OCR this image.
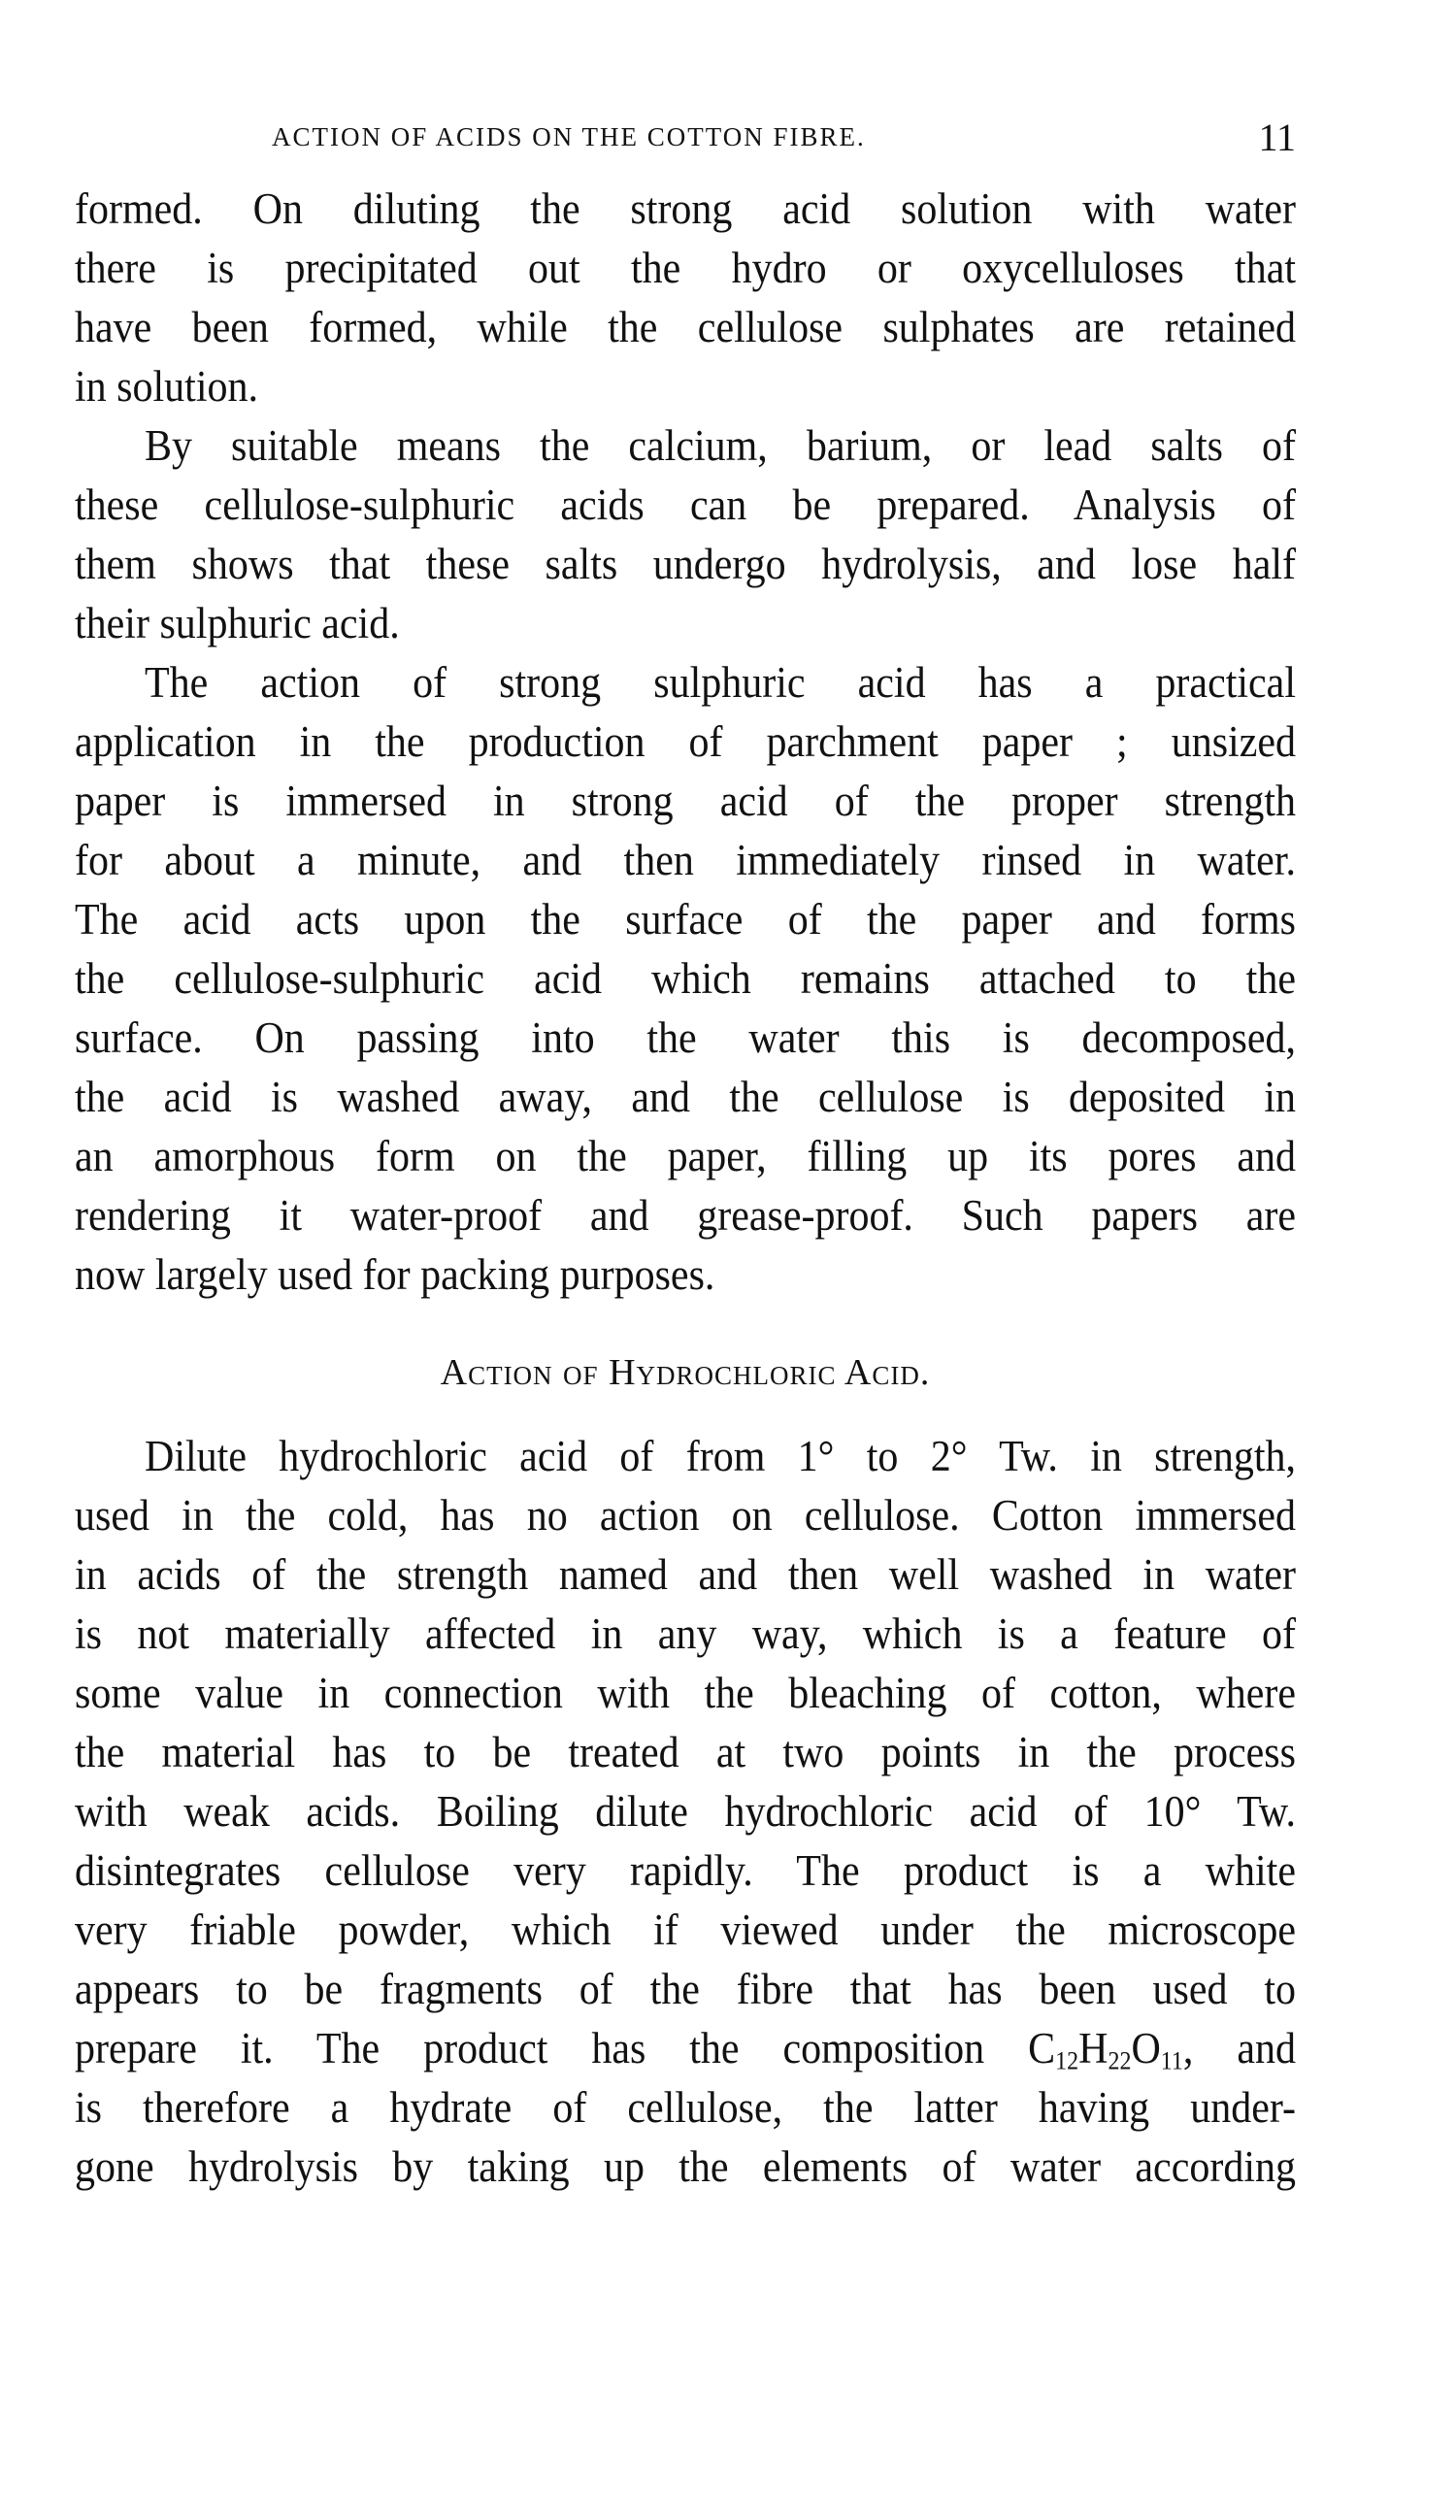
ACTION OF ACIDS ON THE COTTON FIBRE.	11
formed. On diluting the strong acid solution with water
there is precipitated out the hydro or oxycelluloses that
have been formed, while the cellulose sulphates are retained
in solution.
By suitable means the calcium, barium, or lead salts of
these cellulose-sulphuric acids can be prepared. Analysis of
them shows that these salts undergo hydrolysis, and lose half
their sulphuric acid.
The action of strong sulphuric acid has a practical
application in the production of parchment paper ; unsized
paper is immersed in strong acid of the proper strength
for about a minute, and then immediately rinsed in water.
The acid acts upon the surface of the paper and forms
the cellulose-sulphuric acid which remains attached to the
surface. On passing into the water this is decomposed,
the acid is washed away, and the cellulose is deposited in
an amorphous form on the paper, filling up its pores and
rendering it water-proof and grease-proof. Such papers are
now largely used for packing purposes.
Action of Hydrochloric Acid.
Dilute hydrochloric acid of from 1° to 2° Tw. in strength,
used in the cold, has no action on cellulose. Cotton immersed
in acids of the strength named and then well washed in water
is not materially affected in any way, which is a feature of
some value in connection with the bleaching of cotton, where
the material has to be treated at two points in the process
with weak acids. Boiling dilute hydrochloric acid of 10° Tw.
disintegrates cellulose very rapidly. The product is a white
very friable powder, which if viewed under the microscope
appears to be fragments of the fibre that has been used to
prepare it. The product has the composition $C_{12}H_{22}O_{11}$, and
is therefore a hydrate of cellulose, the latter having under-
gone hydrolysis by taking up the elements of water according
